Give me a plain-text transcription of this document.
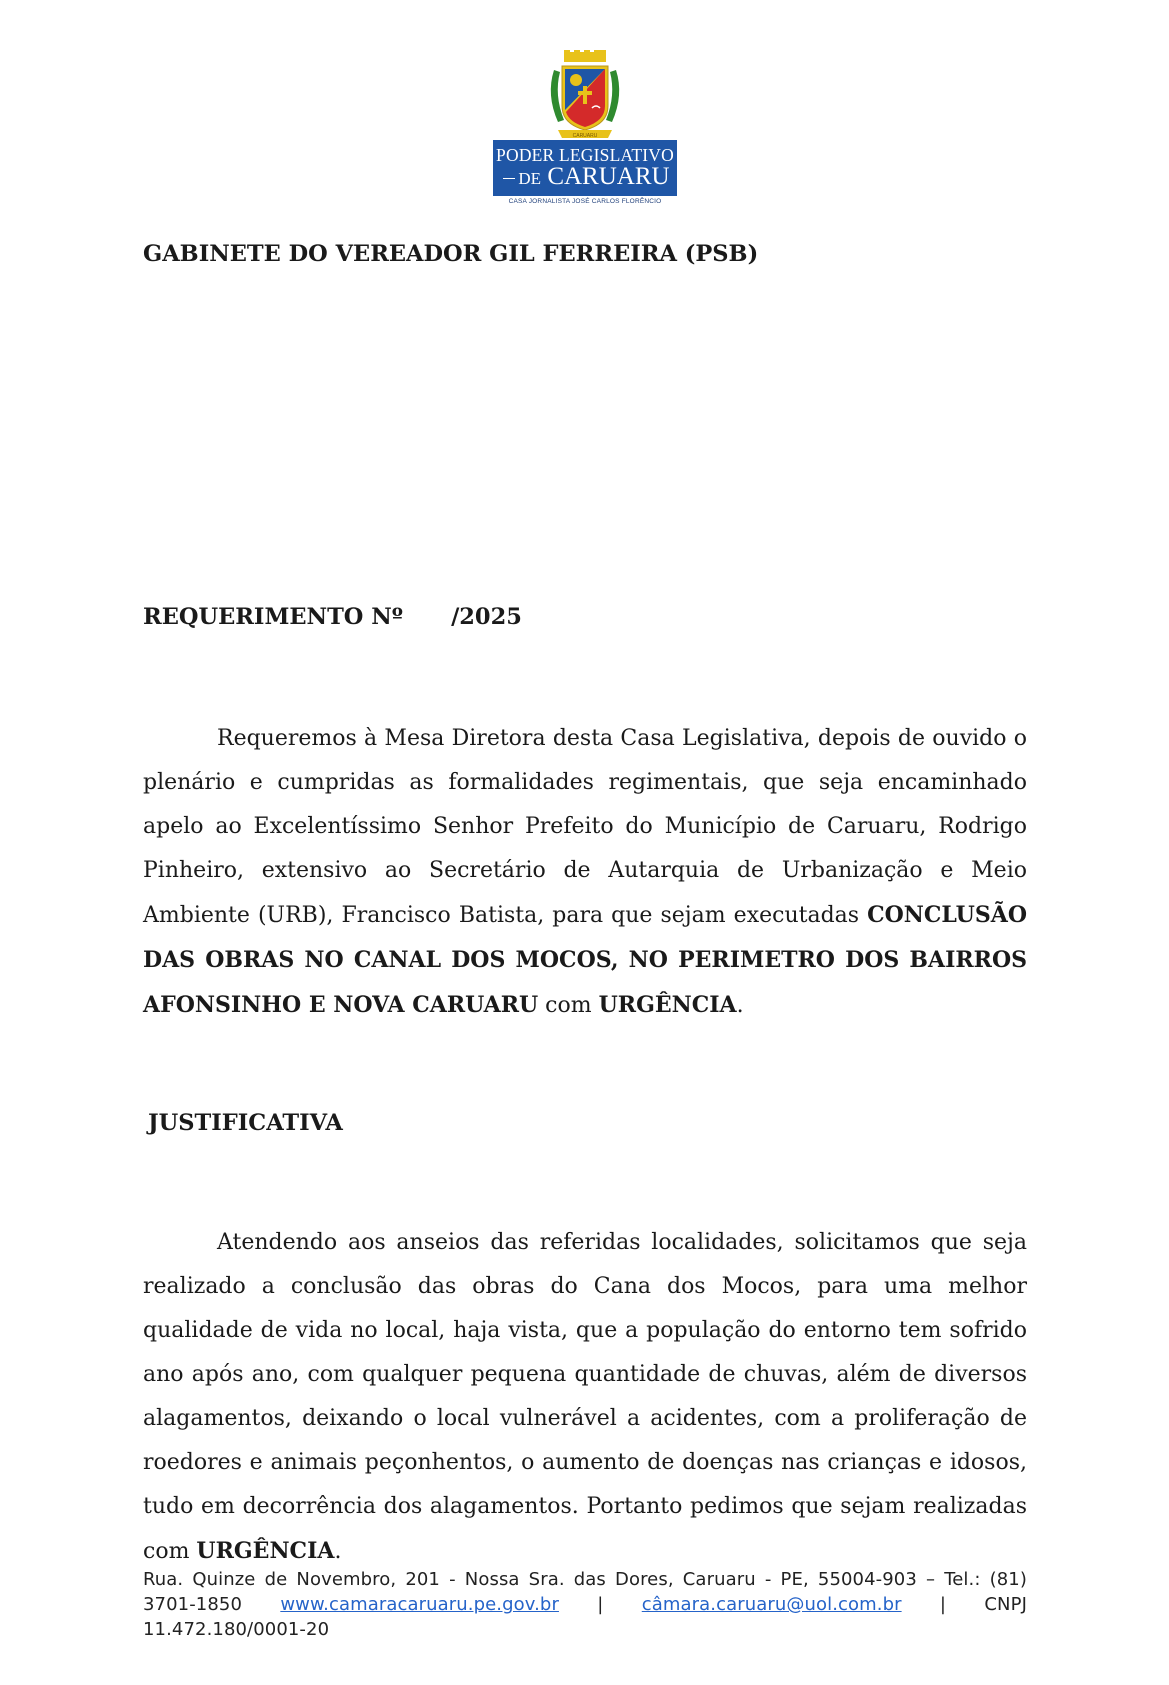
CARUARU
PODER LEGISLATIVO
DE CARUARU
CASA JORNALISTA JOSÉ CARLOS FLORÊNCIO
GABINETE DO VEREADOR GIL FERREIRA (PSB)
REQUERIMENTO Nº /2025

Requeremos à Mesa Diretora desta Casa Legislativa, depois de ouvido o plenário e cumpridas as formalidades regimentais, que seja encaminhado apelo ao Excelentíssimo Senhor Prefeito do Município de Caruaru, Rodrigo Pinheiro, extensivo ao Secretário de Autarquia de Urbanização e Meio Ambiente (URB), Francisco Batista, para que sejam executadas CONCLUSÃO DAS OBRAS NO CANAL DOS MOCOS, NO PERIMETRO DOS BAIRROS AFONSINHO E NOVA CARUARU com URGÊNCIA.

JUSTIFICATIVA

Atendendo aos anseios das referidas localidades, solicitamos que seja realizado a conclusão das obras do Cana dos Mocos, para uma melhor qualidade de vida no local, haja vista, que a população do entorno tem sofrido ano após ano, com qualquer pequena quantidade de chuvas, além de diversos alagamentos, deixando o local vulnerável a acidentes, com a proliferação de roedores e animais peçonhentos, o aumento de doenças nas crianças e idosos, tudo em decorrência dos alagamentos. Portanto pedimos que sejam realizadas com URGÊNCIA.

Rua. Quinze de Novembro, 201 - Nossa Sra. das Dores, Caruaru - PE, 55004-903 – Tel.: (81) 3701-1850 www.camaracaruaru.pe.gov.br | câmara.caruaru@uol.com.br | CNPJ 11.472.180/0001-20
